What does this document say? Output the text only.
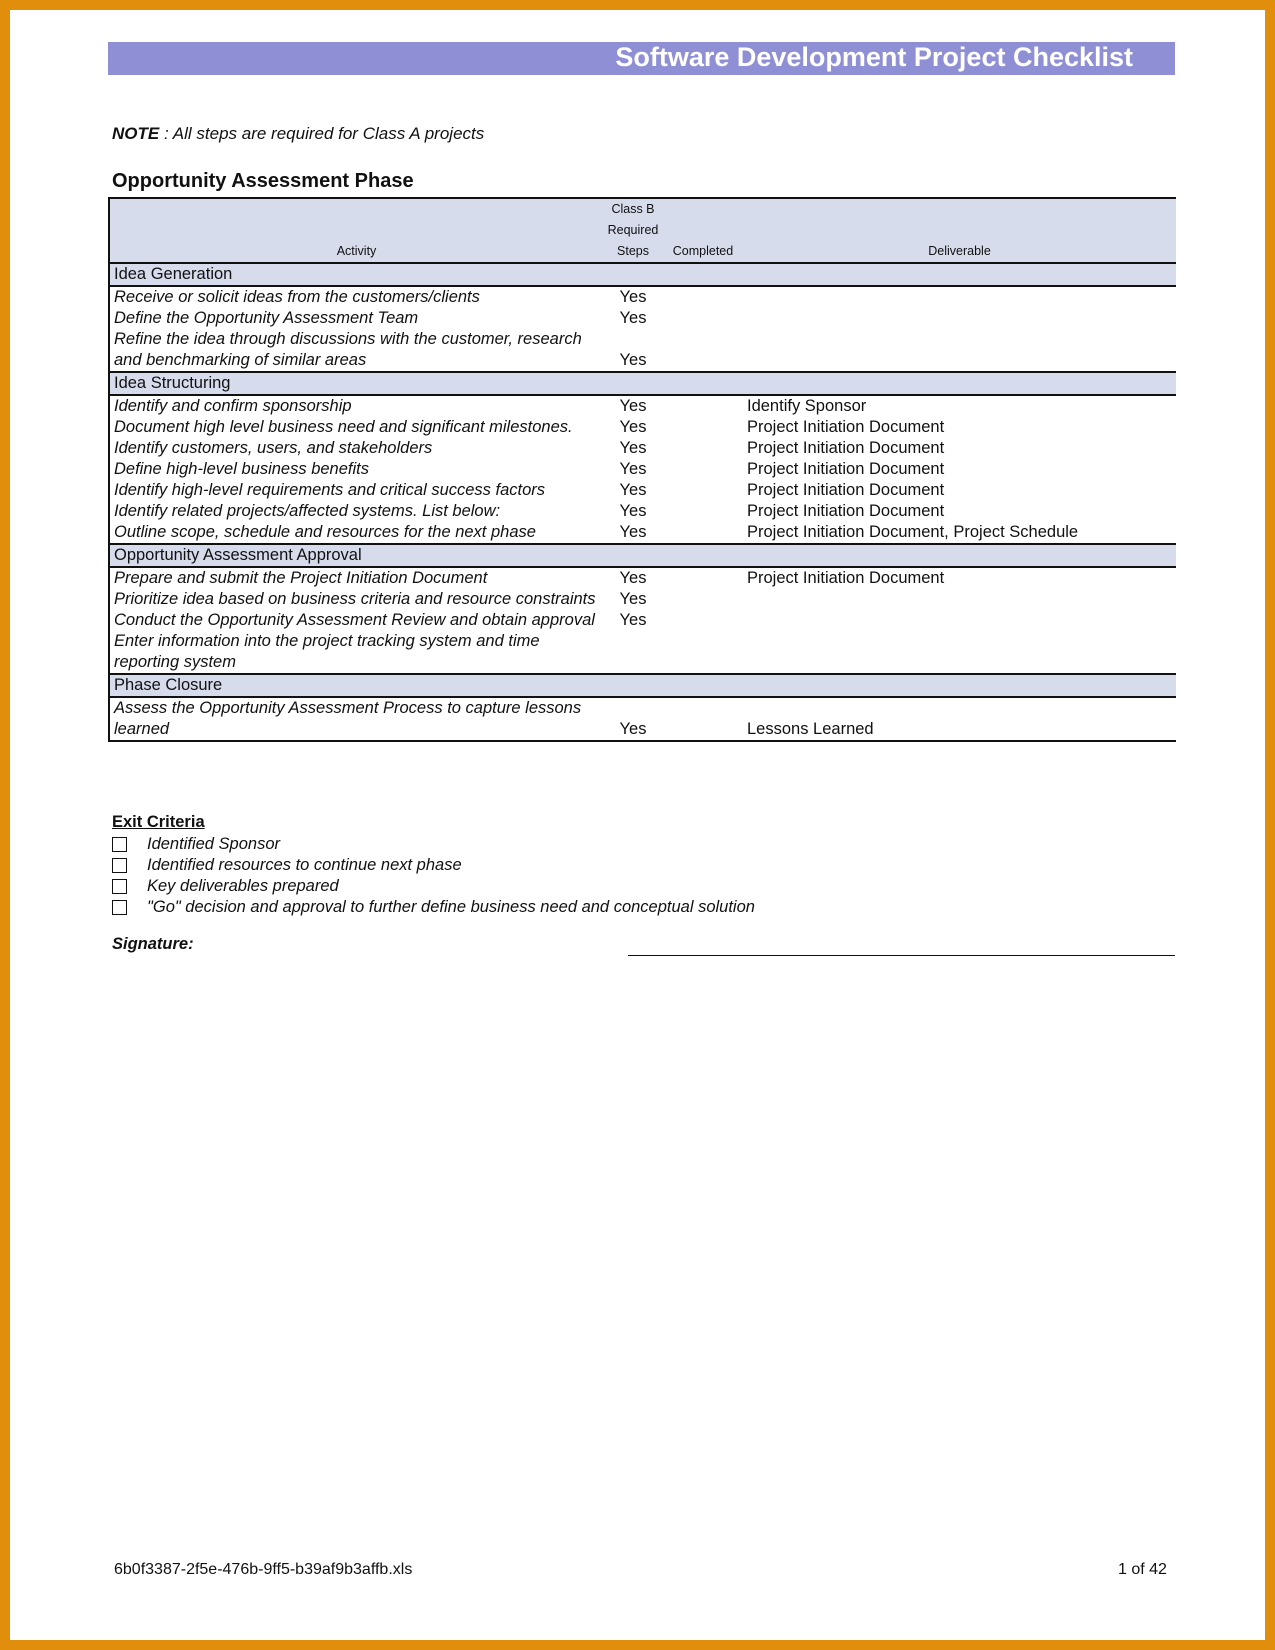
Software Development Project Checklist
NOTE : All steps are required for Class A projects
Opportunity Assessment Phase
Activity	Class B Required Steps	Completed	Deliverable
Idea Generation			
Receive or solicit ideas from the customers/clients	Yes		
Define the Opportunity Assessment Team	Yes		
Refine the idea through discussions with the customer, research and benchmarking of similar areas	Yes		
Idea Structuring			
Identify and confirm sponsorship	Yes		Identify Sponsor
Document high level business need and significant milestones.	Yes		Project Initiation Document
Identify customers, users, and stakeholders	Yes		Project Initiation Document
Define high-level business benefits	Yes		Project Initiation Document
Identify high-level requirements and critical success factors	Yes		Project Initiation Document
Identify related projects/affected systems. List below:	Yes		Project Initiation Document
Outline scope, schedule and resources for the next phase	Yes		Project Initiation Document, Project Schedule
Opportunity Assessment Approval			
Prepare and submit the Project Initiation Document	Yes		Project Initiation Document
Prioritize idea based on business criteria and resource constraints	Yes		
Conduct the Opportunity Assessment Review and obtain approval	Yes		
Enter information into the project tracking system and time reporting system			
Phase Closure			
Assess the Opportunity Assessment Process to capture lessons learned	Yes		Lessons Learned
Exit Criteria
Identified Sponsor
Identified resources to continue next phase
Key deliverables prepared
"Go" decision and approval to further define business need and conceptual solution
Signature:
6b0f3387-2f5e-476b-9ff5-b39af9b3affb.xls	1 of 42
